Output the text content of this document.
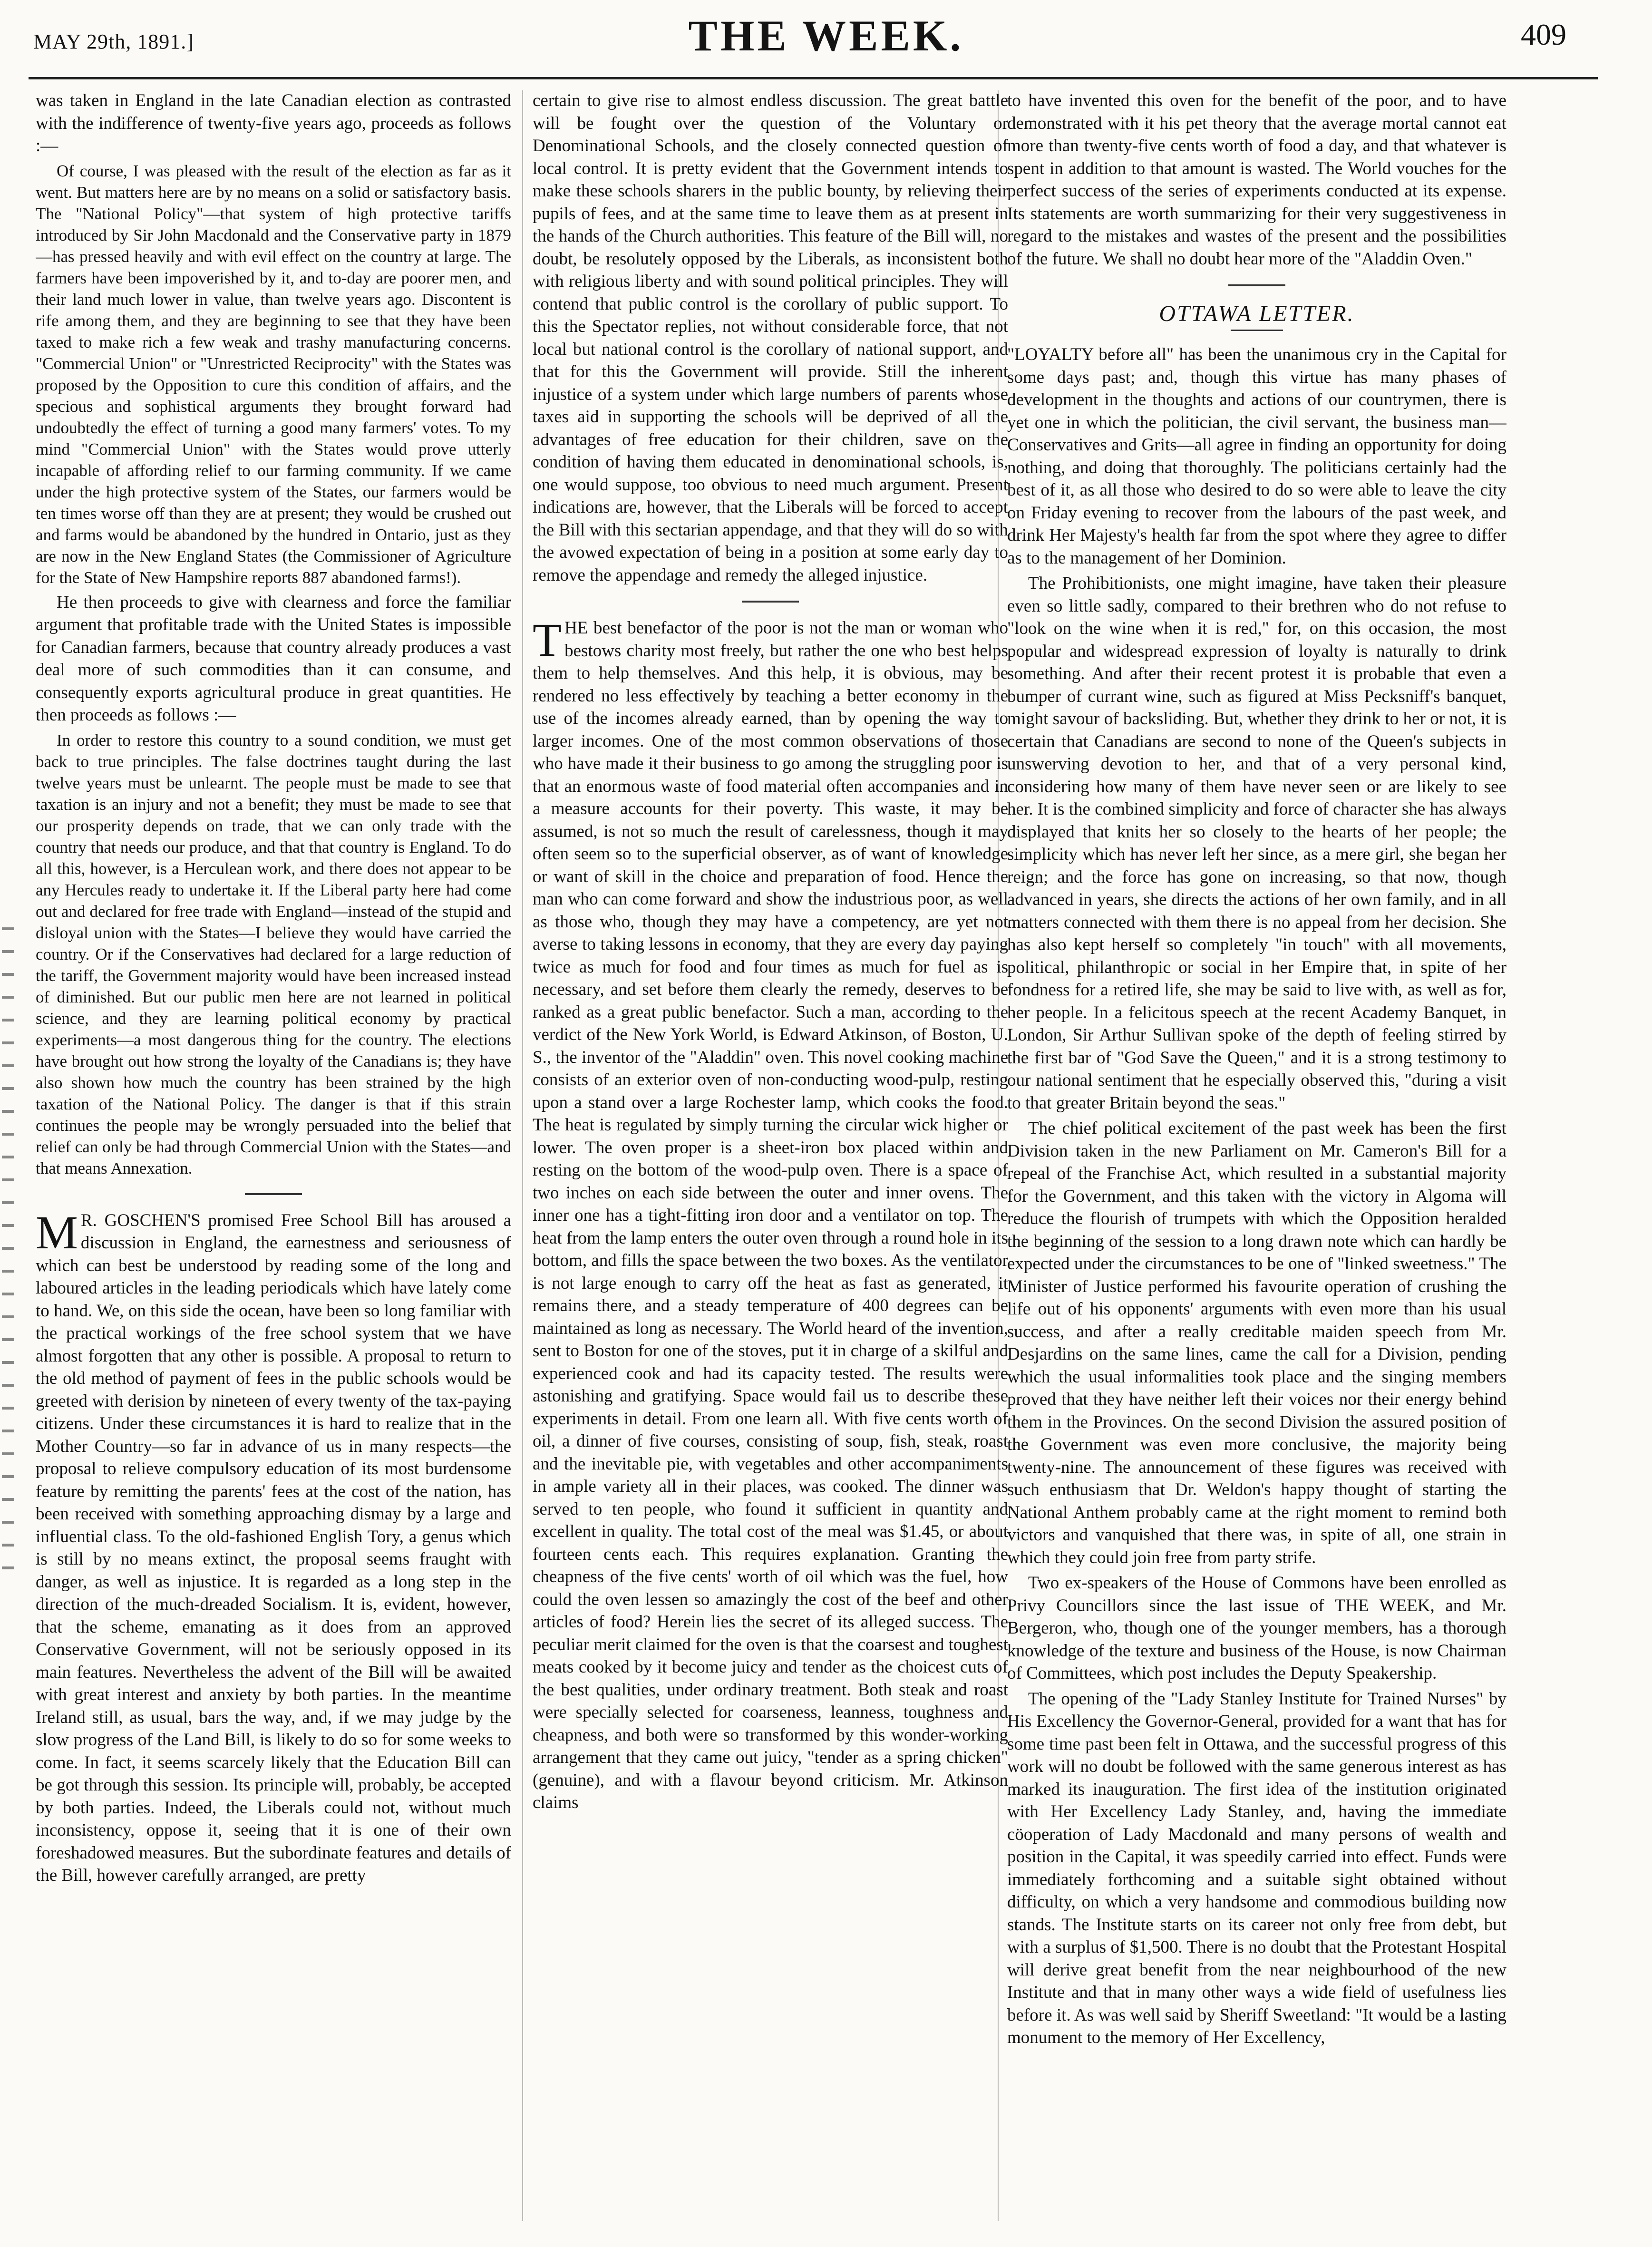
MAY 29th, 1891.]	THE WEEK.	409

was taken in England in the late Canadian election as contrasted with the indifference of twenty-five years ago, proceeds as follows :—

Of course, I was pleased with the result of the election as far as it went. But matters here are by no means on a solid or satisfactory basis. The "National Policy"—that system of high protective tariffs introduced by Sir John Macdonald and the Conservative party in 1879—has pressed heavily and with evil effect on the country at large. The farmers have been impoverished by it, and to-day are poorer men, and their land much lower in value, than twelve years ago. Discontent is rife among them, and they are beginning to see that they have been taxed to make rich a few weak and trashy manufacturing concerns. "Commercial Union" or "Unrestricted Reciprocity" with the States was proposed by the Opposition to cure this condition of affairs, and the specious and sophistical arguments they brought forward had undoubtedly the effect of turning a good many farmers' votes. To my mind "Commercial Union" with the States would prove utterly incapable of affording relief to our farming community. If we came under the high protective system of the States, our farmers would be ten times worse off than they are at present; they would be crushed out and farms would be abandoned by the hundred in Ontario, just as they are now in the New England States (the Commissioner of Agriculture for the State of New Hampshire reports 887 abandoned farms!).

He then proceeds to give with clearness and force the familiar argument that profitable trade with the United States is impossible for Canadian farmers, because that country already produces a vast deal more of such commodities than it can consume, and consequently exports agricultural produce in great quantities. He then proceeds as follows :—

In order to restore this country to a sound condition, we must get back to true principles. The false doctrines taught during the last twelve years must be unlearnt. The people must be made to see that taxation is an injury and not a benefit; they must be made to see that our prosperity depends on trade, that we can only trade with the country that needs our produce, and that that country is England. To do all this, however, is a Herculean work, and there does not appear to be any Hercules ready to undertake it. If the Liberal party here had come out and declared for free trade with England—instead of the stupid and disloyal union with the States—I believe they would have carried the country. Or if the Conservatives had declared for a large reduction of the tariff, the Government majority would have been increased instead of diminished. But our public men here are not learned in political science, and they are learning political economy by practical experiments—a most dangerous thing for the country. The elections have brought out how strong the loyalty of the Canadians is; they have also shown how much the country has been strained by the high taxation of the National Policy. The danger is that if this strain continues the people may be wrongly persuaded into the belief that relief can only be had through Commercial Union with the States—and that means Annexation.

M R. GOSCHEN'S promised Free School Bill has aroused a discussion in England, the earnestness and seriousness of which can best be understood by reading some of the long and laboured articles in the leading periodicals which have lately come to hand. We, on this side the ocean, have been so long familiar with the practical workings of the free school system that we have almost forgotten that any other is possible. A proposal to return to the old method of payment of fees in the public schools would be greeted with derision by nineteen of every twenty of the tax-paying citizens. Under these circumstances it is hard to realize that in the Mother Country—so far in advance of us in many respects—the proposal to relieve compulsory education of its most burdensome feature by remitting the parents' fees at the cost of the nation, has been received with something approaching dismay by a large and influential class. To the old-fashioned English Tory, a genus which is still by no means extinct, the proposal seems fraught with danger, as well as injustice. It is regarded as a long step in the direction of the much-dreaded Socialism. It is, evident, however, that the scheme, emanating as it does from an approved Conservative Government, will not be seriously opposed in its main features. Nevertheless the advent of the Bill will be awaited with great interest and anxiety by both parties. In the meantime Ireland still, as usual, bars the way, and, if we may judge by the slow progress of the Land Bill, is likely to do so for some weeks to come. In fact, it seems scarcely likely that the Education Bill can be got through this session. Its principle will, probably, be accepted by both parties. Indeed, the Liberals could not, without much inconsistency, oppose it, seeing that it is one of their own foreshadowed measures. But the subordinate features and details of the Bill, however carefully arranged, are pretty

certain to give rise to almost endless discussion. The great battle will be fought over the question of the Voluntary or Denominational Schools, and the closely connected question of local control. It is pretty evident that the Government intends to make these schools sharers in the public bounty, by relieving their pupils of fees, and at the same time to leave them as at present in the hands of the Church authorities. This feature of the Bill will, no doubt, be resolutely opposed by the Liberals, as inconsistent both with religious liberty and with sound political principles. They will contend that public control is the corollary of public support. To this the Spectator replies, not without considerable force, that not local but national control is the corollary of national support, and that for this the Government will provide. Still the inherent injustice of a system under which large numbers of parents whose taxes aid in supporting the schools will be deprived of all the advantages of free education for their children, save on the condition of having them educated in denominational schools, is, one would suppose, too obvious to need much argument. Present indications are, however, that the Liberals will be forced to accept the Bill with this sectarian appendage, and that they will do so with the avowed expectation of being in a position at some early day to remove the appendage and remedy the alleged injustice.

THE best benefactor of the poor is not the man or woman who bestows charity most freely, but rather the one who best helps them to help themselves. And this help, it is obvious, may be rendered no less effectively by teaching a better economy in the use of the incomes already earned, than by opening the way to larger incomes. One of the most common observations of those who have made it their business to go among the struggling poor is that an enormous waste of food material often accompanies and in a measure accounts for their poverty. This waste, it may be assumed, is not so much the result of carelessness, though it may often seem so to the superficial observer, as of want of knowledge or want of skill in the choice and preparation of food. Hence the man who can come forward and show the industrious poor, as well as those who, though they may have a competency, are yet not averse to taking lessons in economy, that they are every day paying twice as much for food and four times as much for fuel as is necessary, and set before them clearly the remedy, deserves to be ranked as a great public benefactor. Such a man, according to the verdict of the New York World, is Edward Atkinson, of Boston, U. S., the inventor of the "Aladdin" oven. This novel cooking machine consists of an exterior oven of non-conducting wood-pulp, resting upon a stand over a large Rochester lamp, which cooks the food. The heat is regulated by simply turning the circular wick higher or lower. The oven proper is a sheet-iron box placed within and resting on the bottom of the wood-pulp oven. There is a space of two inches on each side between the outer and inner ovens. The inner one has a tight-fitting iron door and a ventilator on top. The heat from the lamp enters the outer oven through a round hole in its bottom, and fills the space between the two boxes. As the ventilator is not large enough to carry off the heat as fast as generated, it remains there, and a steady temperature of 400 degrees can be maintained as long as necessary. The World heard of the invention, sent to Boston for one of the stoves, put it in charge of a skilful and experienced cook and had its capacity tested. The results were astonishing and gratifying. Space would fail us to describe these experiments in detail. From one learn all. With five cents worth of oil, a dinner of five courses, consisting of soup, fish, steak, roast and the inevitable pie, with vegetables and other accompaniments in ample variety all in their places, was cooked. The dinner was served to ten people, who found it sufficient in quantity and excellent in quality. The total cost of the meal was $1.45, or about fourteen cents each. This requires explanation. Granting the cheapness of the five cents' worth of oil which was the fuel, how could the oven lessen so amazingly the cost of the beef and other articles of food? Herein lies the secret of its alleged success. The peculiar merit claimed for the oven is that the coarsest and toughest meats cooked by it become juicy and tender as the choicest cuts of the best qualities, under ordinary treatment. Both steak and roast were specially selected for coarseness, leanness, toughness and cheapness, and both were so transformed by this wonder-working arrangement that they came out juicy, "tender as a spring chicken" (genuine), and with a flavour beyond criticism. Mr. Atkinson claims

to have invented this oven for the benefit of the poor, and to have demonstrated with it his pet theory that the average mortal cannot eat more than twenty-five cents worth of food a day, and that whatever is spent in addition to that amount is wasted. The World vouches for the perfect success of the series of experiments conducted at its expense. Its statements are worth summarizing for their very suggestiveness in regard to the mistakes and wastes of the present and the possibilities of the future. We shall no doubt hear more of the "Aladdin Oven."

OTTAWA LETTER.

"LOYALTY before all" has been the unanimous cry in the Capital for some days past; and, though this virtue has many phases of development in the thoughts and actions of our countrymen, there is yet one in which the politician, the civil servant, the business man—Conservatives and Grits—all agree in finding an opportunity for doing nothing, and doing that thoroughly. The politicians certainly had the best of it, as all those who desired to do so were able to leave the city on Friday evening to recover from the labours of the past week, and drink Her Majesty's health far from the spot where they agree to differ as to the management of her Dominion.

The Prohibitionists, one might imagine, have taken their pleasure even so little sadly, compared to their brethren who do not refuse to "look on the wine when it is red," for, on this occasion, the most popular and widespread expression of loyalty is naturally to drink something. And after their recent protest it is probable that even a bumper of currant wine, such as figured at Miss Pecksniff's banquet, might savour of backsliding. But, whether they drink to her or not, it is certain that Canadians are second to none of the Queen's subjects in unswerving devotion to her, and that of a very personal kind, considering how many of them have never seen or are likely to see her. It is the combined simplicity and force of character she has always displayed that knits her so closely to the hearts of her people; the simplicity which has never left her since, as a mere girl, she began her reign; and the force has gone on increasing, so that now, though advanced in years, she directs the actions of her own family, and in all matters connected with them there is no appeal from her decision. She has also kept herself so completely "in touch" with all movements, political, philanthropic or social in her Empire that, in spite of her fondness for a retired life, she may be said to live with, as well as for, her people. In a felicitous speech at the recent Academy Banquet, in London, Sir Arthur Sullivan spoke of the depth of feeling stirred by the first bar of "God Save the Queen," and it is a strong testimony to our national sentiment that he especially observed this, "during a visit to that greater Britain beyond the seas."

The chief political excitement of the past week has been the first Division taken in the new Parliament on Mr. Cameron's Bill for a repeal of the Franchise Act, which resulted in a substantial majority for the Government, and this taken with the victory in Algoma will reduce the flourish of trumpets with which the Opposition heralded the beginning of the session to a long drawn note which can hardly be expected under the circumstances to be one of "linked sweetness." The Minister of Justice performed his favourite operation of crushing the life out of his opponents' arguments with even more than his usual success, and after a really creditable maiden speech from Mr. Desjardins on the same lines, came the call for a Division, pending which the usual informalities took place and the singing members proved that they have neither left their voices nor their energy behind them in the Provinces. On the second Division the assured position of the Government was even more conclusive, the majority being twenty-nine. The announcement of these figures was received with such enthusiasm that Dr. Weldon's happy thought of starting the National Anthem probably came at the right moment to remind both victors and vanquished that there was, in spite of all, one strain in which they could join free from party strife.

Two ex-speakers of the House of Commons have been enrolled as Privy Councillors since the last issue of THE WEEK, and Mr. Bergeron, who, though one of the younger members, has a thorough knowledge of the texture and business of the House, is now Chairman of Committees, which post includes the Deputy Speakership.

The opening of the "Lady Stanley Institute for Trained Nurses" by His Excellency the Governor-General, provided for a want that has for some time past been felt in Ottawa, and the successful progress of this work will no doubt be followed with the same generous interest as has marked its inauguration. The first idea of the institution originated with Her Excellency Lady Stanley, and, having the immediate cöoperation of Lady Macdonald and many persons of wealth and position in the Capital, it was speedily carried into effect. Funds were immediately forthcoming and a suitable sight obtained without difficulty, on which a very handsome and commodious building now stands. The Institute starts on its career not only free from debt, but with a surplus of $1,500. There is no doubt that the Protestant Hospital will derive great benefit from the near neighbourhood of the new Institute and that in many other ways a wide field of usefulness lies before it. As was well said by Sheriff Sweetland: "It would be a lasting monument to the memory of Her Excellency,
